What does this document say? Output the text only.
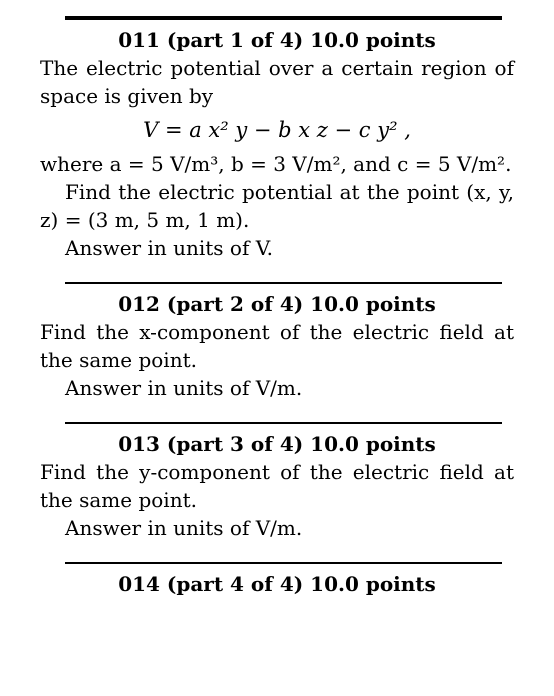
011 (part 1 of 4) 10.0 points

The electric potential over a certain region of space is given by

V = a x² y − b x z − c y² ,

where a = 5 V/m³, b = 3 V/m², and c = 5 V/m².

Find the electric potential at the point (x, y, z) = (3 m, 5 m, 1 m).

Answer in units of V.

012 (part 2 of 4) 10.0 points

Find the x-component of the electric field at the same point.

Answer in units of V/m.

013 (part 3 of 4) 10.0 points

Find the y-component of the electric field at the same point.

Answer in units of V/m.

014 (part 4 of 4) 10.0 points
